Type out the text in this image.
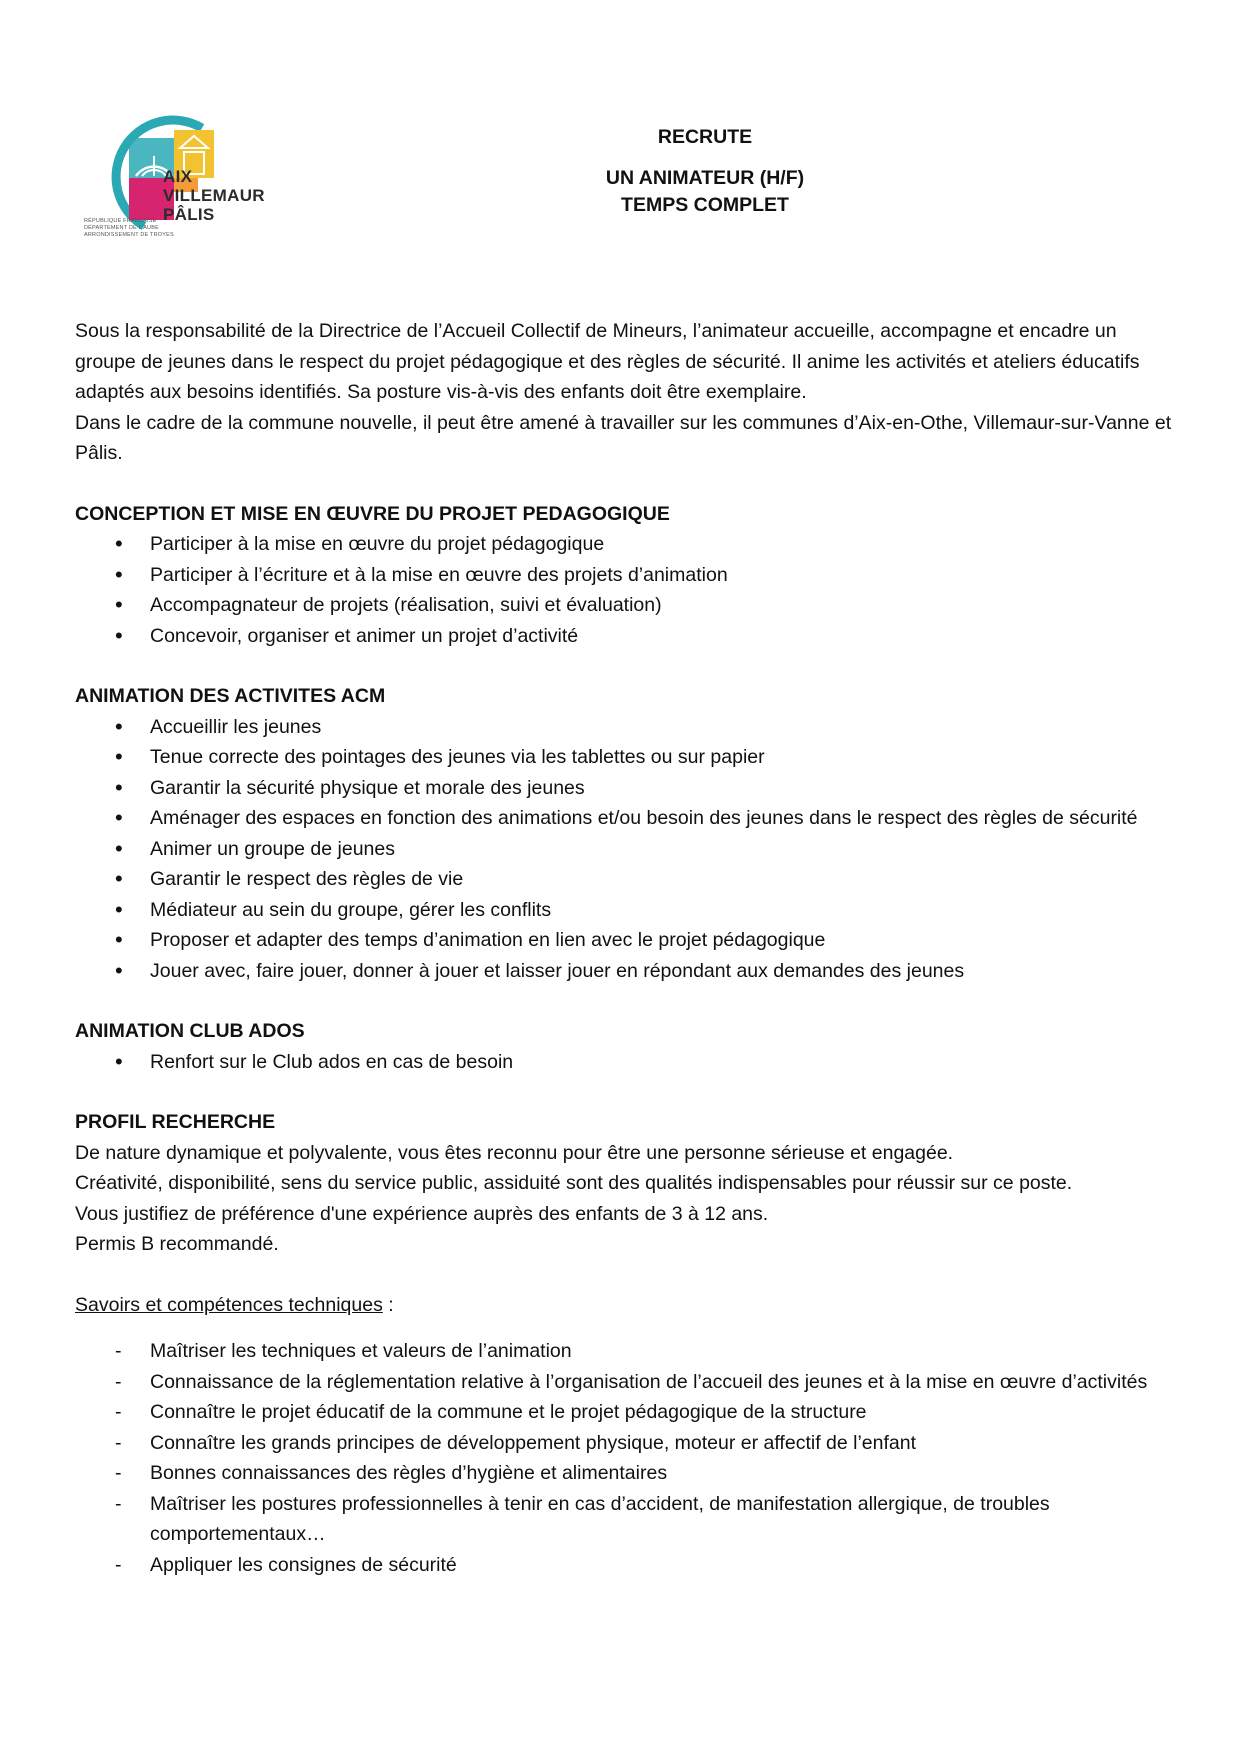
AIX
VILLEMAUR
PÂLIS
RÉPUBLIQUE FRANÇAISE
DÉPARTEMENT DE L'AUBE
ARRONDISSEMENT DE TROYES
RECRUTE
UN ANIMATEUR (H/F)
TEMPS COMPLET

Sous la responsabilité de la Directrice de l’Accueil Collectif de Mineurs, l’animateur accueille, accompagne et encadre un groupe de jeunes dans le respect du projet pédagogique et des règles de sécurité. Il anime les activités et ateliers éducatifs adaptés aux besoins identifiés. Sa posture vis-à-vis des enfants doit être exemplaire.

Dans le cadre de la commune nouvelle, il peut être amené à travailler sur les communes d’Aix-en-Othe, Villemaur-sur-Vanne et Pâlis.

CONCEPTION ET MISE EN ŒUVRE DU PROJET PEDAGOGIQUE

• Participer à la mise en œuvre du projet pédagogique
• Participer à l’écriture et à la mise en œuvre des projets d’animation
• Accompagnateur de projets (réalisation, suivi et évaluation)
• Concevoir, organiser et animer un projet d’activité

ANIMATION DES ACTIVITES ACM

• Accueillir les jeunes
• Tenue correcte des pointages des jeunes via les tablettes ou sur papier
• Garantir la sécurité physique et morale des jeunes
• Aménager des espaces en fonction des animations et/ou besoin des jeunes dans le respect des règles de sécurité
• Animer un groupe de jeunes
• Garantir le respect des règles de vie
• Médiateur au sein du groupe, gérer les conflits
• Proposer et adapter des temps d’animation en lien avec le projet pédagogique
• Jouer avec, faire jouer, donner à jouer et laisser jouer en répondant aux demandes des jeunes

ANIMATION CLUB ADOS

• Renfort sur le Club ados en cas de besoin

PROFIL RECHERCHE

De nature dynamique et polyvalente, vous êtes reconnu pour être une personne sérieuse et engagée.

Créativité, disponibilité, sens du service public, assiduité sont des qualités indispensables pour réussir sur ce poste.

Vous justifiez de préférence d'une expérience auprès des enfants de 3 à 12 ans.

Permis B recommandé.

Savoirs et compétences techniques :

- Maîtriser les techniques et valeurs de l’animation
- Connaissance de la réglementation relative à l’organisation de l’accueil des jeunes et à la mise en œuvre d’activités
- Connaître le projet éducatif de la commune et le projet pédagogique de la structure
- Connaître les grands principes de développement physique, moteur er affectif de l’enfant
- Bonnes connaissances des règles d’hygiène et alimentaires
- Maîtriser les postures professionnelles à tenir en cas d’accident, de manifestation allergique, de troubles comportementaux…
- Appliquer les consignes de sécurité
